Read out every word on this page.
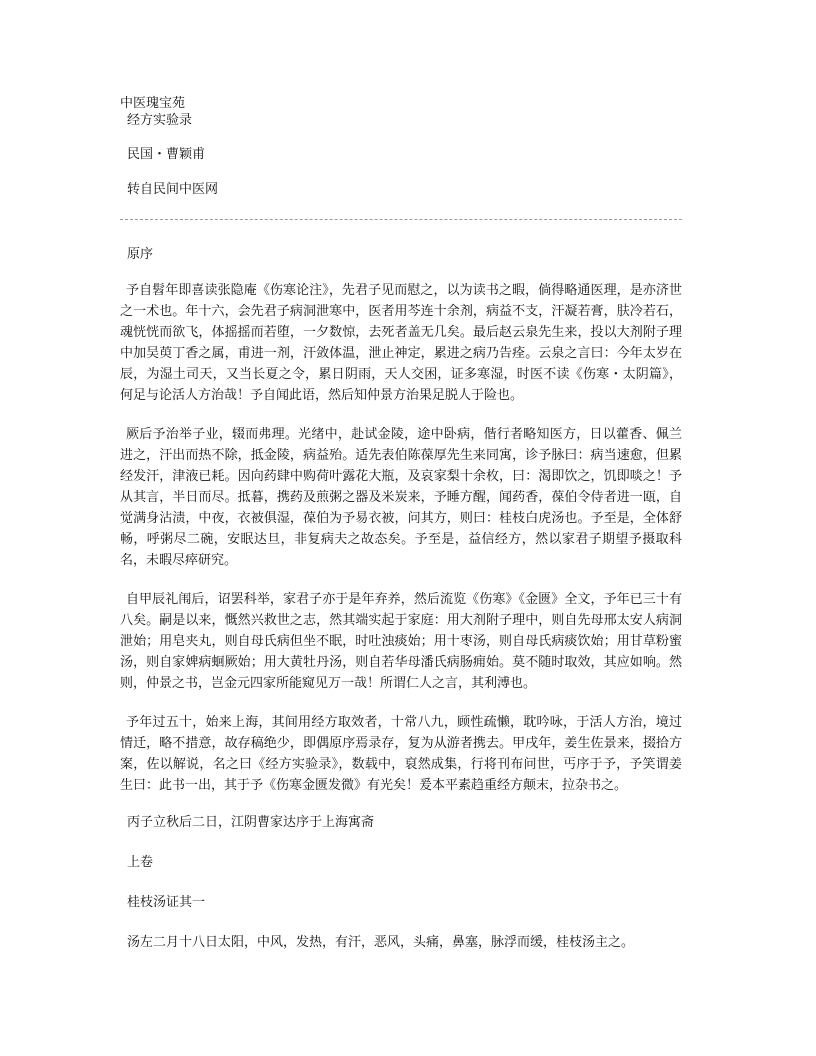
中医瑰宝苑
经方实验录
民国・曹颖甫
转自民间中医网
原序

予自髫年即喜读张隐庵《伤寒论注》，先君子见而慰之，以为读书之暇，倘得略通医理，是亦济世之一术也。年十六，会先君子病洞泄寒中，医者用芩连十余剂，病益不支，汗凝若膏，肤冷若石，魂恍恍而欲飞，体摇摇而若堕，一夕数惊，去死者盖无几矣。最后赵云泉先生来，投以大剂附子理中加吴萸丁香之属，甫进一剂，汗敛体温，泄止神定，累进之病乃告痊。云泉之言曰：今年太岁在辰，为湿土司天，又当长夏之令，累日阴雨，天人交困，证多寒湿，时医不读《伤寒・太阴篇》，何足与论活人方治哉！予自闻此语，然后知仲景方治果足脱人于险也。

厥后予治举子业，辍而弗理。光绪中，赴试金陵，途中卧病，偕行者略知医方，日以藿香、佩兰进之，汗出而热不除，抵金陵，病益殆。适先表伯陈葆厚先生来同寓，诊予脉曰：病当速愈，但累经发汗，津液已耗。因向药肆中购荷叶露花大瓶，及哀家梨十余枚，曰：渴即饮之，饥即啖之！予从其言，半日而尽。抵暮，携药及煎粥之器及米炭来，予睡方醒，闻药香，葆伯令侍者进一瓯，自觉满身沾渍，中夜，衣被俱湿，葆伯为予易衣被，问其方，则曰：桂枝白虎汤也。予至是，全体舒畅，呼粥尽二碗，安眠达旦，非复病夫之故态矣。予至是，益信经方，然以家君子期望予摄取科名，未暇尽瘁研究。

自甲辰礼闱后，诏罢科举，家君子亦于是年弃养，然后流览《伤寒》《金匮》全文，予年已三十有八矣。嗣是以来，慨然兴救世之志，然其端实起于家庭：用大剂附子理中，则自先母邢太安人病洞泄始；用皂夹丸，则自母氏病但坐不眠，时吐浊痰始；用十枣汤，则自母氏病痰饮始；用甘草粉蜜汤，则自家婢病蛔厥始；用大黄牡丹汤，则自若华母潘氏病肠痈始。莫不随时取效，其应如响。然则，仲景之书，岂金元四家所能窥见万一哉！所谓仁人之言，其利溥也。

予年过五十，始来上海，其间用经方取效者，十常八九，顾性疏懒，耽吟咏，于活人方治，境过情迁，略不措意，故存稿绝少，即偶原序焉录存，复为从游者携去。甲戌年，姜生佐景来，掇拾方案，佐以解说，名之曰《经方实验录》，数载中，裒然成集，行将刊布问世，丐序于予，予笑谓姜生曰：此书一出，其于予《伤寒金匮发微》有光矣！爰本平素趋重经方颠末，拉杂书之。

丙子立秋后二日，江阴曹家达序于上海寓斋
上卷
桂枝汤证其一
汤左二月十八日太阳，中风，发热，有汗，恶风，头痛，鼻塞，脉浮而缓，桂枝汤主之。
